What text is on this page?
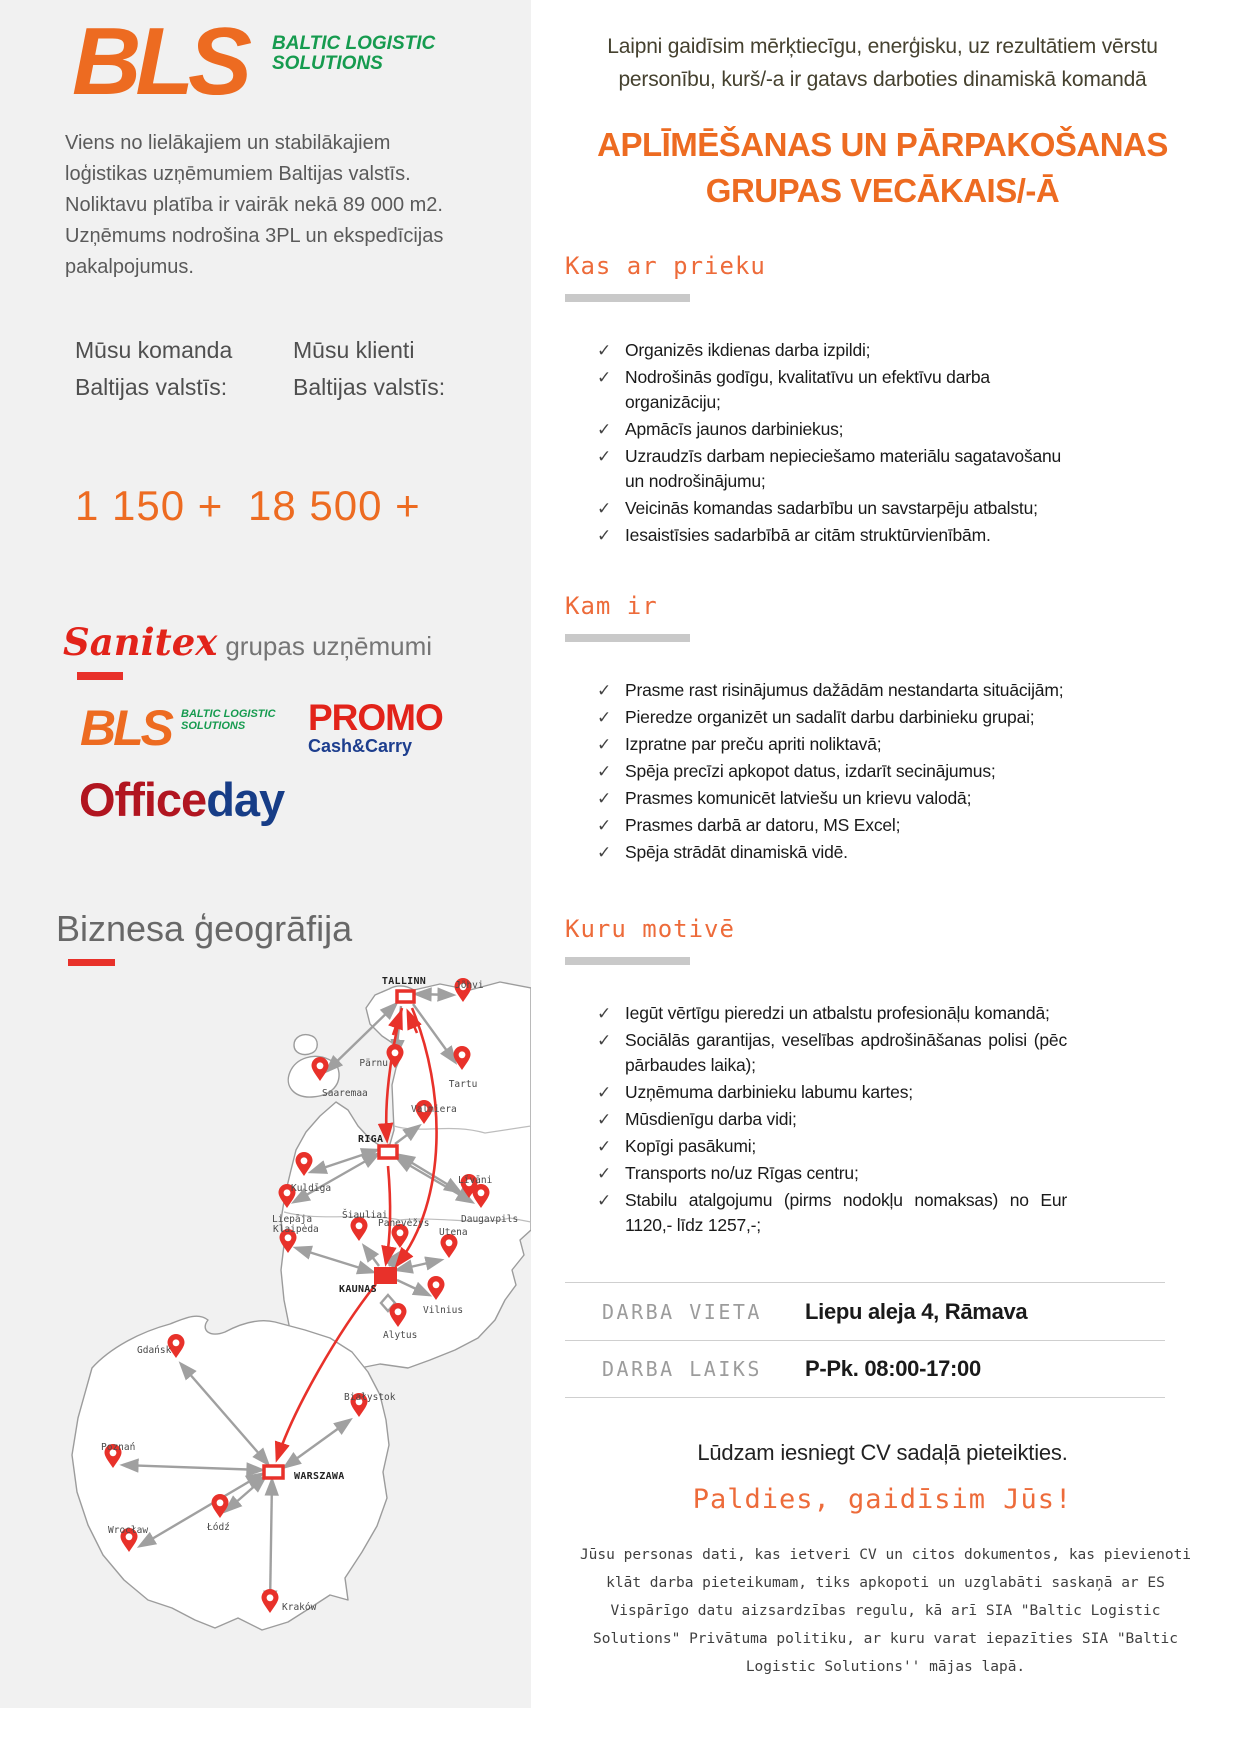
BLS BALTIC LOGISTIC
SOLUTIONS
Viens no lielākajiem un stabilākajiem loģistikas uzņēmumiem Baltijas valstīs. Noliktavu platība ir vairāk nekā 89 000 m2. Uzņēmums nodrošina 3PL un ekspedīcijas pakalpojumus.
Mūsu komanda Baltijas valstīs:
Mūsu klienti Baltijas valstīs:
1 150 + 18 500 +
Sanitex grupas uzņēmumi
BLS BALTIC LOGISTIC
SOLUTIONS	PROMO
Cash&Carry
Officeday
Biznesa ģeogrāfija
TALLINN
RIGA
KAUNAS
WARSZAWA
Jõhvi
Pärnu
Tartu
Saaremaa
Valmiera
Kuldīga
Liepāja
Klaipėda
Šiauliai
Panevėžys
Utena
Līvāni
Daugavpils
Vilnius
Alytus
Gdańsk
Białystok
Poznań
Łódź
Wrocław
Kraków
Laipni gaidīsim mērķtiecīgu, enerģisku, uz rezultātiem vērstu personību, kurš/-a ir gatavs darboties dinamiskā komandā
APLĪMĒŠANAS UN PĀRPAKOŠANAS
GRUPAS VECĀKAIS/-Ā
Kas ar prieku
✓ Organizēs ikdienas darba izpildi;
✓ Nodrošinās godīgu, kvalitatīvu un efektīvu darba organizāciju;
✓ Apmācīs jaunos darbiniekus;
✓ Uzraudzīs darbam nepieciešamo materiālu sagatavošanu un nodrošinājumu;
✓ Veicinās komandas sadarbību un savstarpēju atbalstu;
✓ Iesaistīsies sadarbībā ar citām struktūrvienībām.
Kam ir
✓ Prasme rast risinājumus dažādām nestandarta situācijām;
✓ Pieredze organizēt un sadalīt darbu darbinieku grupai;
✓ Izpratne par preču apriti noliktavā;
✓ Spēja precīzi apkopot datus, izdarīt secinājumus;
✓ Prasmes komunicēt latviešu un krievu valodā;
✓ Prasmes darbā ar datoru, MS Excel;
✓ Spēja strādāt dinamiskā vidē.
Kuru motivē
✓ Iegūt vērtīgu pieredzi un atbalstu profesionāļu komandā;
✓ Sociālās garantijas, veselības apdrošināšanas polisi (pēc pārbaudes laika);
✓ Uzņēmuma darbinieku labumu kartes;
✓ Mūsdienīgu darba vidi;
✓ Kopīgi pasākumi;
✓ Transports no/uz Rīgas centru;
✓ Stabilu atalgojumu (pirms nodokļu nomaksas) no Eur 1120,- līdz 1257,-;
DARBA VIETA	Liepu aleja 4, Rāmava
DARBA LAIKS	P-Pk. 08:00-17:00
Lūdzam iesniegt CV sadaļā pieteikties.
Paldies, gaidīsim Jūs!
Jūsu personas dati, kas ietveri CV un citos dokumentos, kas pievienoti klāt darba pieteikumam, tiks apkopoti un uzglabāti saskaņā ar ES Vispārīgo datu aizsardzības regulu, kā arī SIA "Baltic Logistic Solutions" Privātuma politiku, ar kuru varat iepazīties SIA "Baltic Logistic Solutions'' mājas lapā.
